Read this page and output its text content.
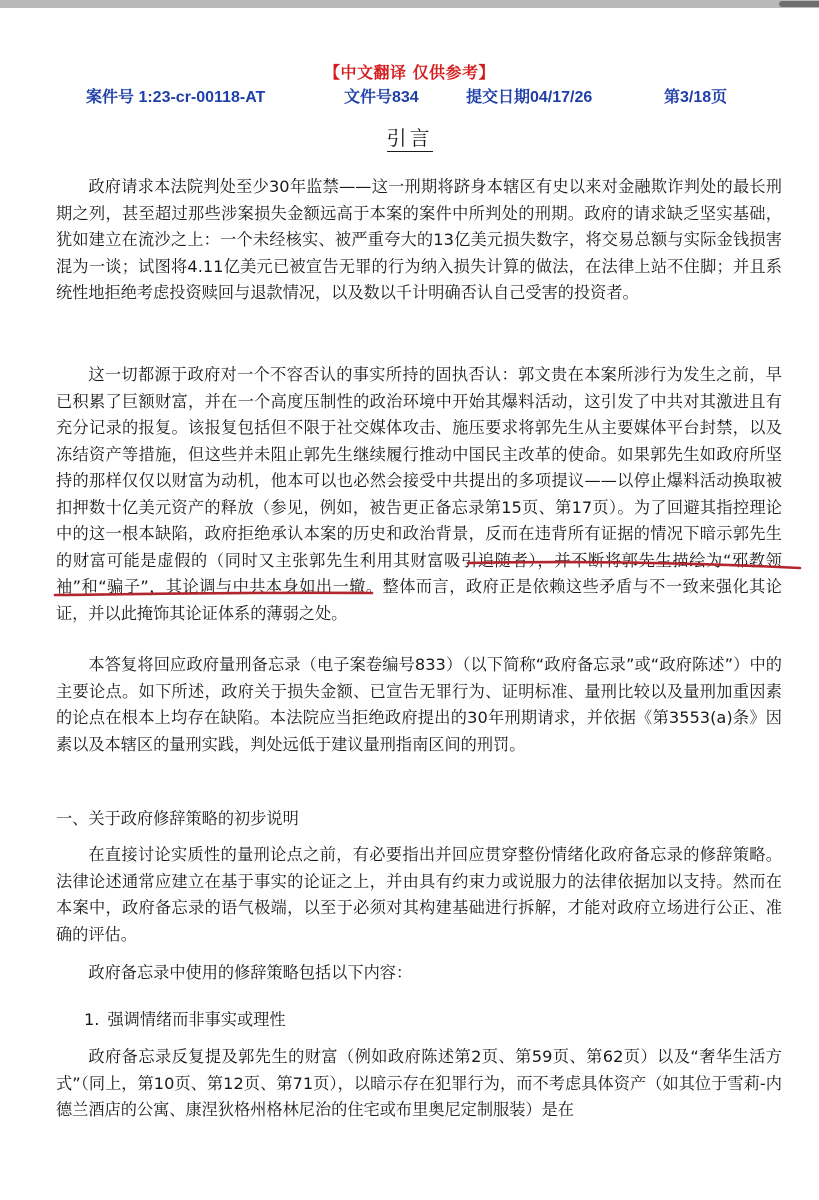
【中文翻译 仅供参考】
案件号 1:23-cr-00118-AT	文件号834	提交日期04/17/26	第3/18页
引言

政府请求本法院判处至少30年监禁——这一刑期将跻身本辖区有史以来对金融欺诈判处的最长刑期之列，甚至超过那些涉案损失金额远高于本案的案件中所判处的刑期。政府的请求缺乏坚实基础，犹如建立在流沙之上：一个未经核实、被严重夸大的13亿美元损失数字，将交易总额与实际金钱损害混为一谈；试图将4.11亿美元已被宣告无罪的行为纳入损失计算的做法，在法律上站不住脚；并且系统性地拒绝考虑投资赎回与退款情况，以及数以千计明确否认自己受害的投资者。

这一切都源于政府对一个不容否认的事实所持的固执否认：郭文贵在本案所涉行为发生之前，早已积累了巨额财富，并在一个高度压制性的政治环境中开始其爆料活动，这引发了中共对其激进且有充分记录的报复。该报复包括但不限于社交媒体攻击、施压要求将郭先生从主要媒体平台封禁，以及冻结资产等措施，但这些并未阻止郭先生继续履行推动中国民主改革的使命。如果郭先生如政府所坚持的那样仅仅以财富为动机，他本可以也必然会接受中共提出的多项提议——以停止爆料活动换取被扣押数十亿美元资产的释放（参见，例如，被告更正备忘录第15页、第17页）。为了回避其指控理论中的这一根本缺陷，政府拒绝承认本案的历史和政治背景，反而在违背所有证据的情况下暗示郭先生的财富可能是虚假的（同时又主张郭先生利用其财富吸引追随者），并不断将郭先生描绘为“邪教领袖”和“骗子”，其论调与中共本身如出一辙。整体而言，政府正是依赖这些矛盾与不一致来强化其论证，并以此掩饰其论证体系的薄弱之处。

本答复将回应政府量刑备忘录（电子案卷编号833）（以下简称“政府备忘录”或“政府陈述”）中的主要论点。如下所述，政府关于损失金额、已宣告无罪行为、证明标准、量刑比较以及量刑加重因素的论点在根本上均存在缺陷。本法院应当拒绝政府提出的30年刑期请求，并依据《第3553(a)条》因素以及本辖区的量刑实践，判处远低于建议量刑指南区间的刑罚。

一、关于政府修辞策略的初步说明

在直接讨论实质性的量刑论点之前，有必要指出并回应贯穿整份情绪化政府备忘录的修辞策略。法律论述通常应建立在基于事实的论证之上，并由具有约束力或说服力的法律依据加以支持。然而在本案中，政府备忘录的语气极端，以至于必须对其构建基础进行拆解，才能对政府立场进行公正、准确的评估。

政府备忘录中使用的修辞策略包括以下内容：

1. 强调情绪而非事实或理性

政府备忘录反复提及郭先生的财富（例如政府陈述第2页、第59页、第62页）以及“奢华生活方式”（同上，第10页、第12页、第71页），以暗示存在犯罪行为，而不考虑具体资产（如其位于雪莉-内德兰酒店的公寓、康涅狄格州格林尼治的住宅或布里奥尼定制服装）是在
